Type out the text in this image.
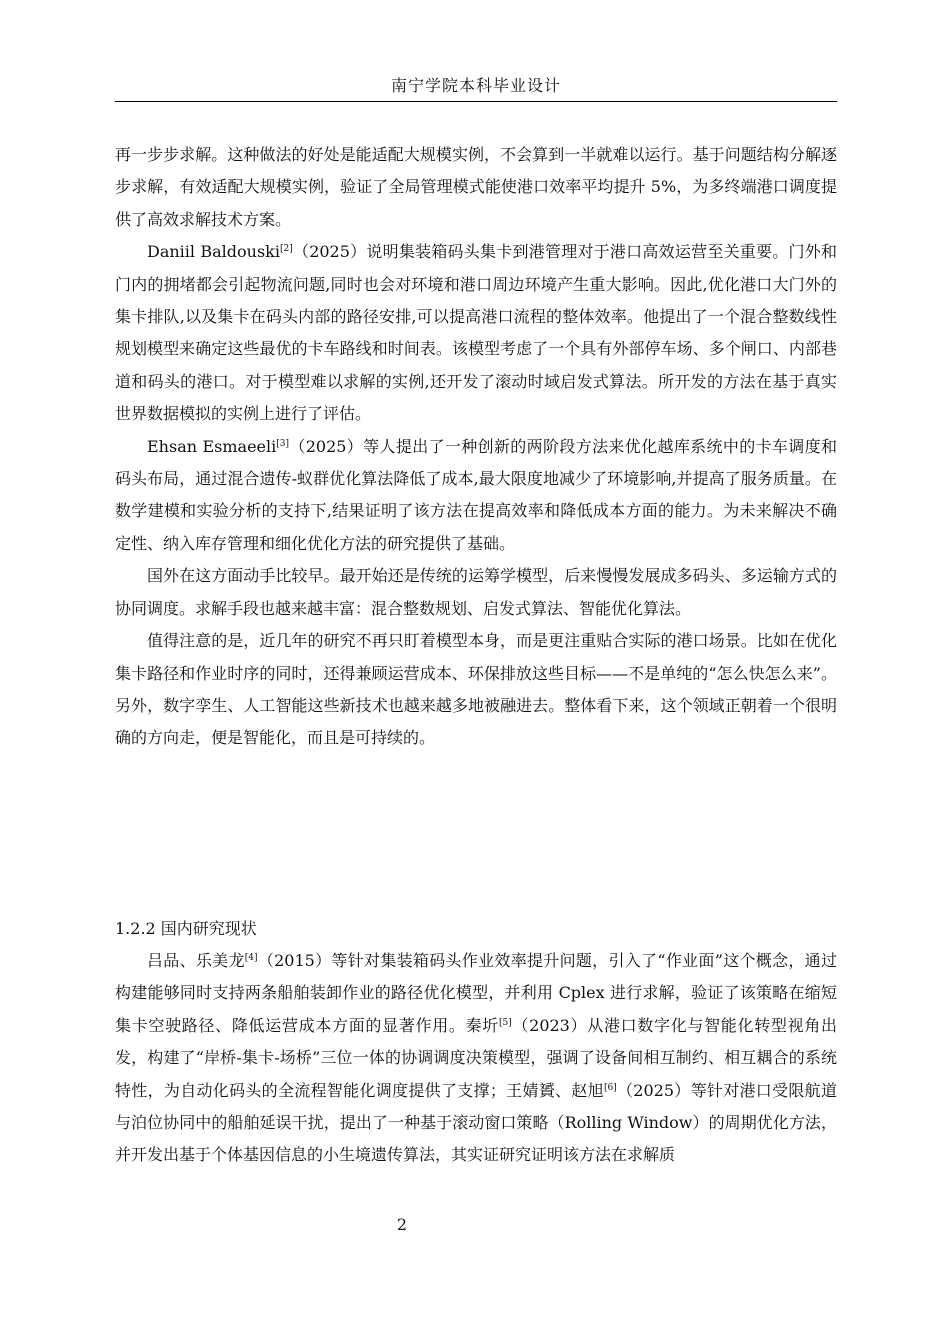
南宁学院本科毕业设计

再一步步求解。这种做法的好处是能适配大规模实例，不会算到一半就难以运行。基于问题结构分解逐步求解，有效适配大规模实例，验证了全局管理模式能使港口效率平均提升 5%，为多终端港口调度提供了高效求解技术方案。

Daniil Baldouski[2]（2025）说明集装箱码头集卡到港管理对于港口高效运营至关重要。门外和门内的拥堵都会引起物流问题,同时也会对环境和港口周边环境产生重大影响。因此,优化港口大门外的集卡排队,以及集卡在码头内部的路径安排,可以提高港口流程的整体效率。他提出了一个混合整数线性规划模型来确定这些最优的卡车路线和时间表。该模型考虑了一个具有外部停车场、多个闸口、内部巷道和码头的港口。对于模型难以求解的实例,还开发了滚动时域启发式算法。所开发的方法在基于真实世界数据模拟的实例上进行了评估。

Ehsan Esmaeeli[3]（2025）等人提出了一种创新的两阶段方法来优化越库系统中的卡车调度和码头布局，通过混合遗传-蚁群优化算法降低了成本,最大限度地减少了环境影响,并提高了服务质量。在数学建模和实验分析的支持下,结果证明了该方法在提高效率和降低成本方面的能力。为未来解决不确定性、纳入库存管理和细化优化方法的研究提供了基础。

国外在这方面动手比较早。最开始还是传统的运筹学模型，后来慢慢发展成多码头、多运输方式的协同调度。求解手段也越来越丰富：混合整数规划、启发式算法、智能优化算法。

值得注意的是，近几年的研究不再只盯着模型本身，而是更注重贴合实际的港口场景。比如在优化集卡路径和作业时序的同时，还得兼顾运营成本、环保排放这些目标——不是单纯的“怎么快怎么来”。另外，数字孪生、人工智能这些新技术也越来越多地被融进去。整体看下来，这个领域正朝着一个很明确的方向走，便是智能化，而且是可持续的。

1.2.2 国内研究现状

吕品、乐美龙[4]（2015）等针对集装箱码头作业效率提升问题，引入了“作业面”这个概念，通过构建能够同时支持两条船舶装卸作业的路径优化模型，并利用 Cplex 进行求解，验证了该策略在缩短集卡空驶路径、降低运营成本方面的显著作用。秦圻[5]（2023）从港口数字化与智能化转型视角出发，构建了“岸桥-集卡-场桥”三位一体的协调调度决策模型，强调了设备间相互制约、相互耦合的系统特性，为自动化码头的全流程智能化调度提供了支撑；王婧贇、赵旭[6]（2025）等针对港口受限航道与泊位协同中的船舶延误干扰，提出了一种基于滚动窗口策略（Rolling Window）的周期优化方法，并开发出基于个体基因信息的小生境遗传算法，其实证研究证明该方法在求解质

2
